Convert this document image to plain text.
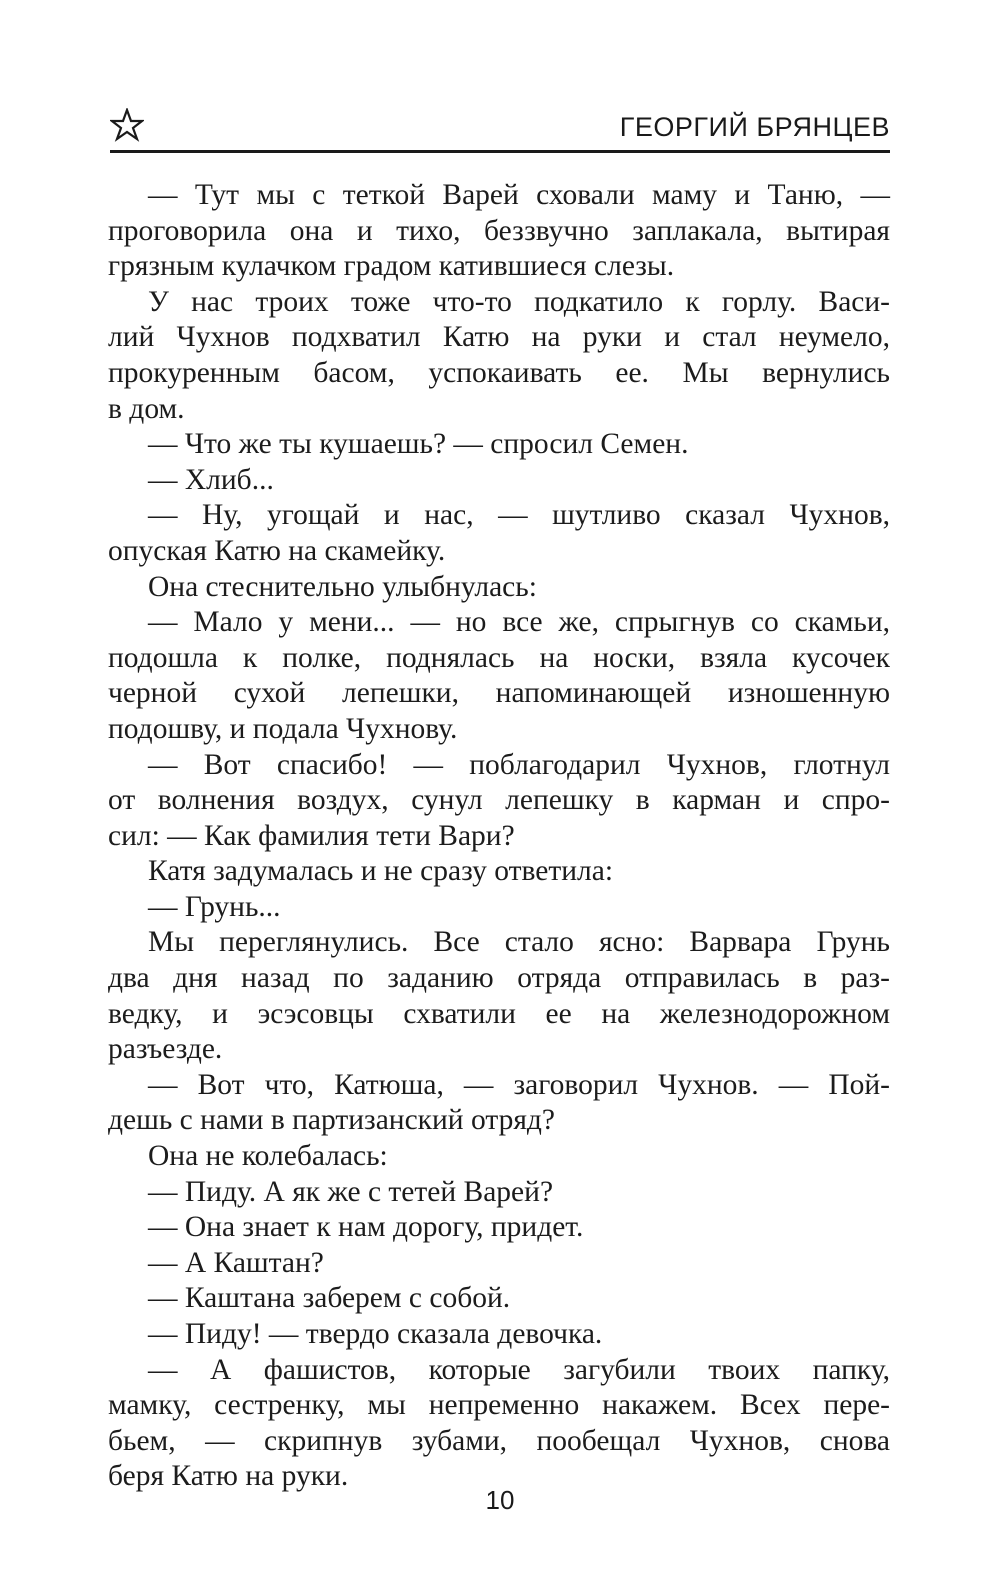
ГЕОРГИЙ БРЯНЦЕВ
— Тут мы с теткой Варей сховали маму и Таню, —
проговорила она и тихо, беззвучно заплакала, вытирая
грязным кулачком градом катившиеся слезы.
У нас троих тоже что-то подкатило к горлу. Васи-
лий Чухнов подхватил Катю на руки и стал неумело,
прокуренным басом, успокаивать ее. Мы вернулись
в дом.
— Что же ты кушаешь? — спросил Семен.
— Хлиб...
— Ну, угощай и нас, — шутливо сказал Чухнов,
опуская Катю на скамейку.
Она стеснительно улыбнулась:
— Мало у мени... — но все же, спрыгнув со скамьи,
подошла к полке, поднялась на носки, взяла кусочек
черной сухой лепешки, напоминающей изношенную
подошву, и подала Чухнову.
— Вот спасибо! — поблагодарил Чухнов, глотнул
от волнения воздух, сунул лепешку в карман и спро-
сил: — Как фамилия тети Вари?
Катя задумалась и не сразу ответила:
— Грунь...
Мы переглянулись. Все стало ясно: Варвара Грунь
два дня назад по заданию отряда отправилась в раз-
ведку, и эсэсовцы схватили ее на железнодорожном
разъезде.
— Вот что, Катюша, — заговорил Чухнов. — Пой-
дешь с нами в партизанский отряд?
Она не колебалась:
— Пиду. А як же с тетей Варей?
— Она знает к нам дорогу, придет.
— А Каштан?
— Каштана заберем с собой.
— Пиду! — твердо сказала девочка.
— А фашистов, которые загубили твоих папку,
мамку, сестренку, мы непременно накажем. Всех пере-
бьем, — скрипнув зубами, пообещал Чухнов, снова
беря Катю на руки.
10
